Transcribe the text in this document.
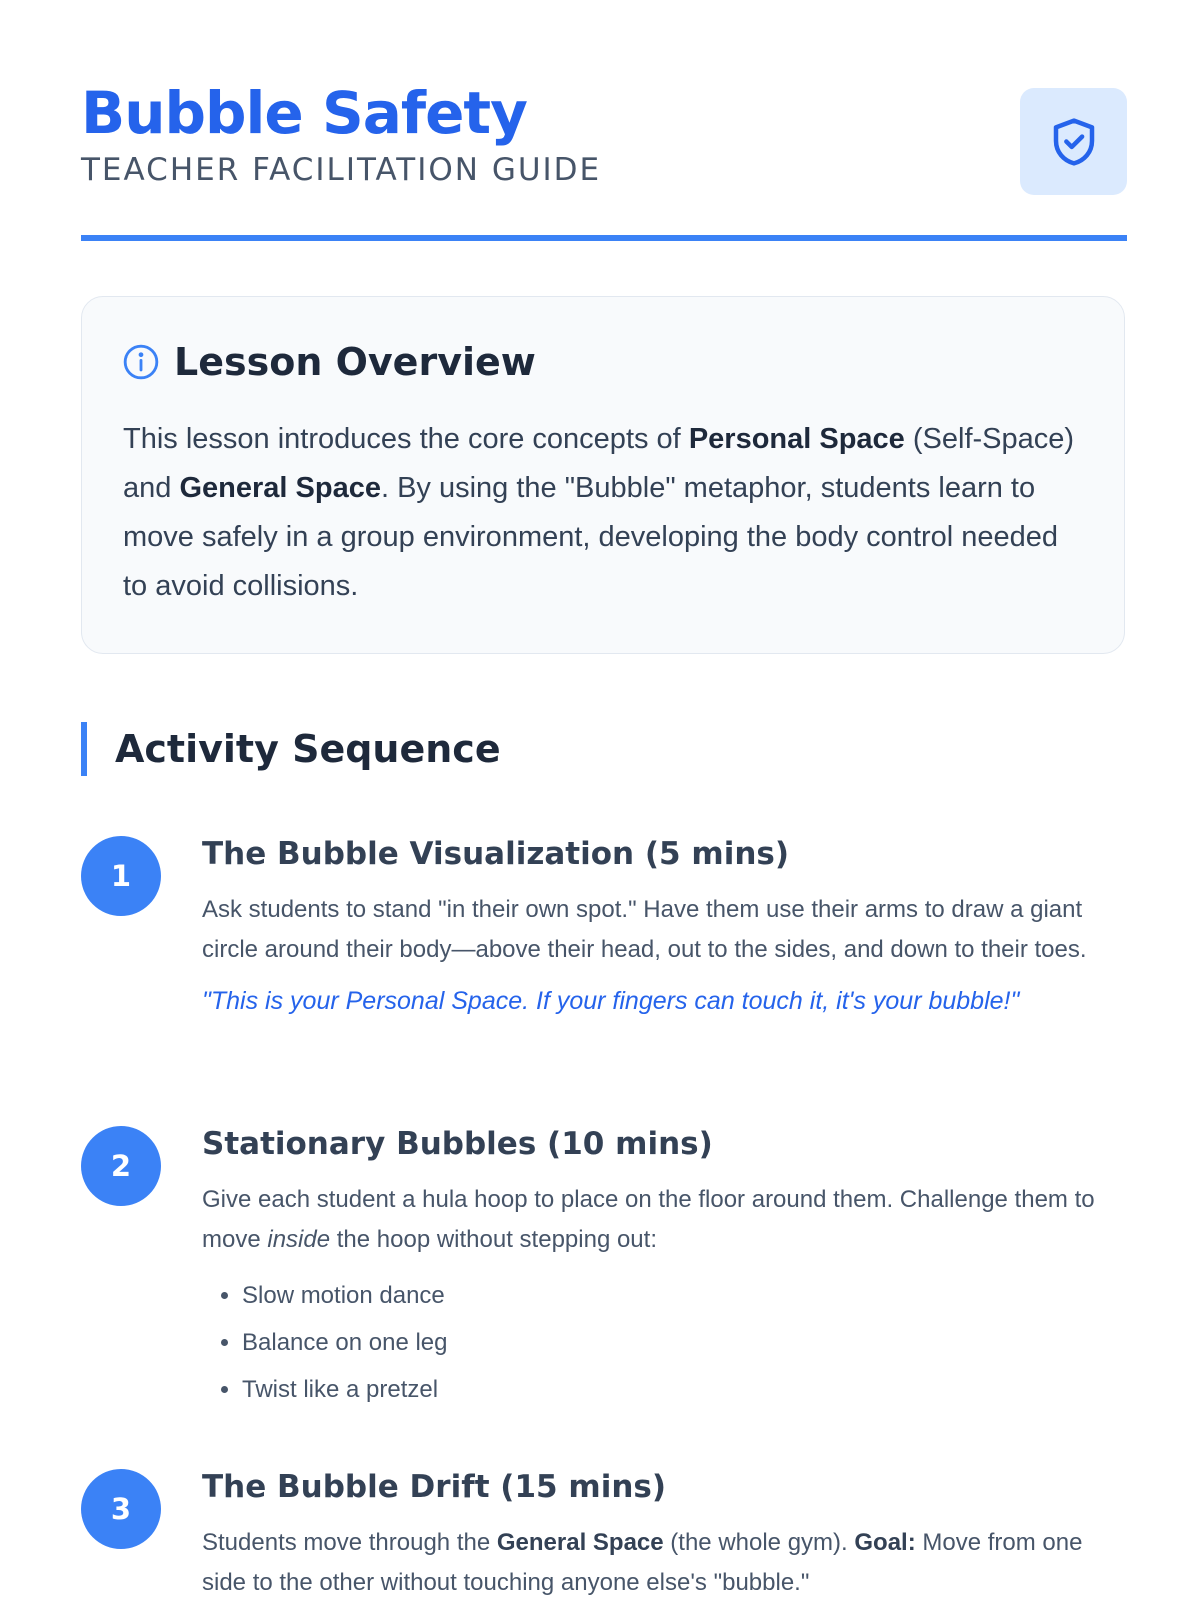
Bubble Safety

TEACHER FACILITATION GUIDE

Lesson Overview

This lesson introduces the core concepts of Personal Space (Self-Space) and General Space. By using the "Bubble" metaphor, students learn to move safely in a group environment, developing the body control needed to avoid collisions.

Activity Sequence
1
The Bubble Visualization (5 mins)

Ask students to stand "in their own spot." Have them use their arms to draw a giant circle around their body—above their head, out to the sides, and down to their toes.

"This is your Personal Space. If your fingers can touch it, it's your bubble!"

2
Stationary Bubbles (10 mins)

Give each student a hula hoop to place on the floor around them. Challenge them to move inside the hoop without stepping out:

• Slow motion dance
• Balance on one leg
• Twist like a pretzel
3
The Bubble Drift (15 mins)

Students move through the General Space (the whole gym). Goal: Move from one side to the other without touching anyone else's "bubble."
